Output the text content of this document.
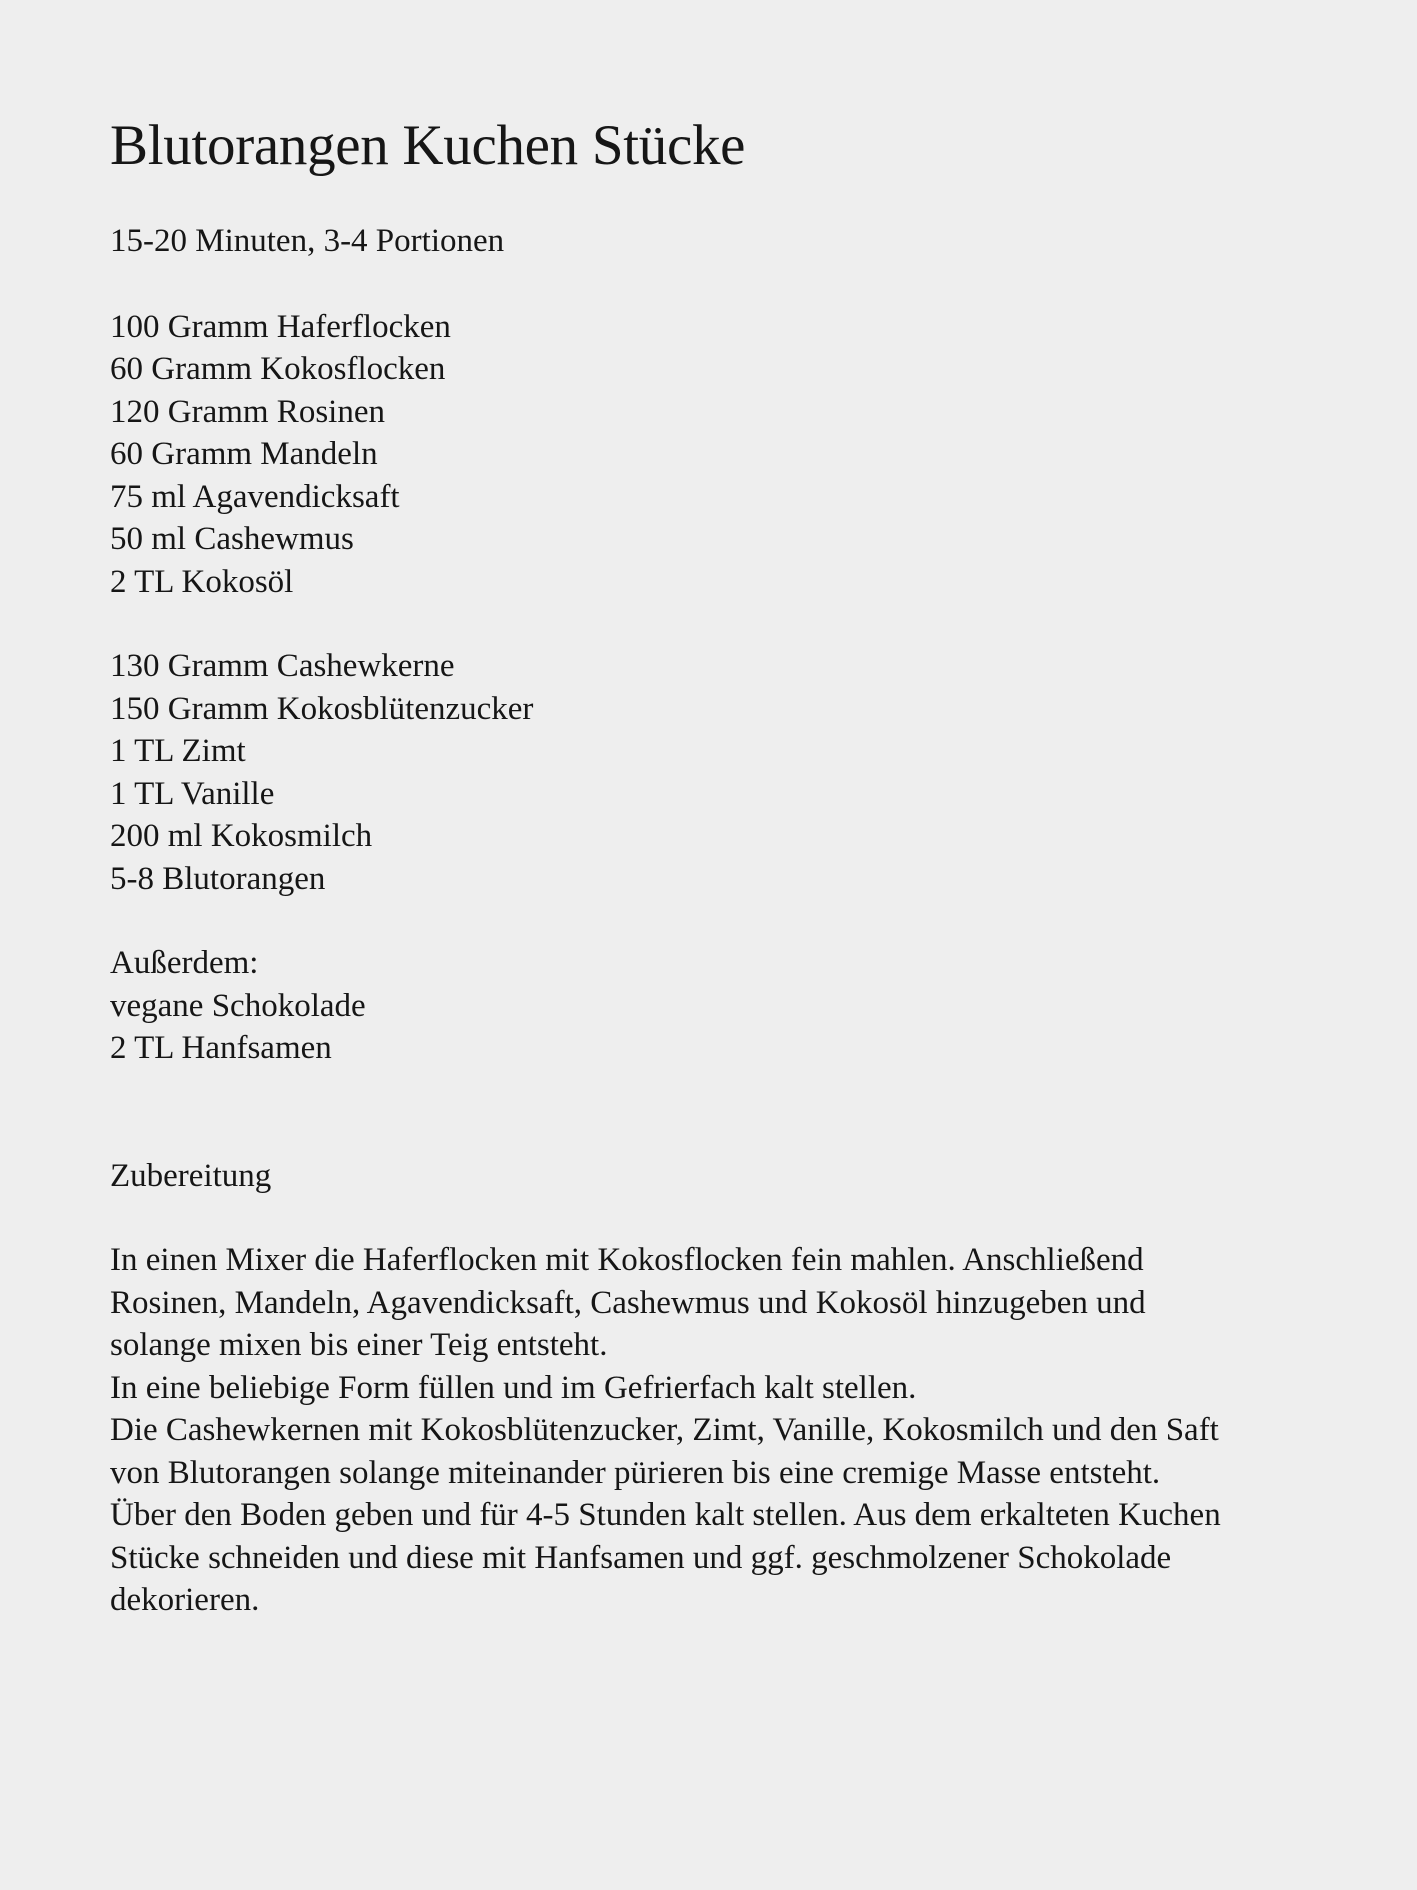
Blutorangen Kuchen Stücke

15-20 Minuten, 3-4 Portionen

100 Gramm Haferflocken
60 Gramm Kokosflocken
120 Gramm Rosinen
60 Gramm Mandeln
75 ml Agavendicksaft
50 ml Cashewmus
2 TL Kokosöl
130 Gramm Cashewkerne
150 Gramm Kokosblütenzucker
1 TL Zimt
1 TL Vanille
200 ml Kokosmilch
5-8 Blutorangen
Außerdem:
vegane Schokolade
2 TL Hanfsamen
Zubereitung

In einen Mixer die Haferflocken mit Kokosflocken fein mahlen. Anschließend
Rosinen, Mandeln, Agavendicksaft, Cashewmus und Kokosöl hinzugeben und
solange mixen bis einer Teig entsteht.
In eine beliebige Form füllen und im Gefrierfach kalt stellen.
Die Cashewkernen mit Kokosblütenzucker, Zimt, Vanille, Kokosmilch und den Saft
von Blutorangen solange miteinander pürieren bis eine cremige Masse entsteht.
Über den Boden geben und für 4-5 Stunden kalt stellen. Aus dem erkalteten Kuchen
Stücke schneiden und diese mit Hanfsamen und ggf. geschmolzener Schokolade
dekorieren.
